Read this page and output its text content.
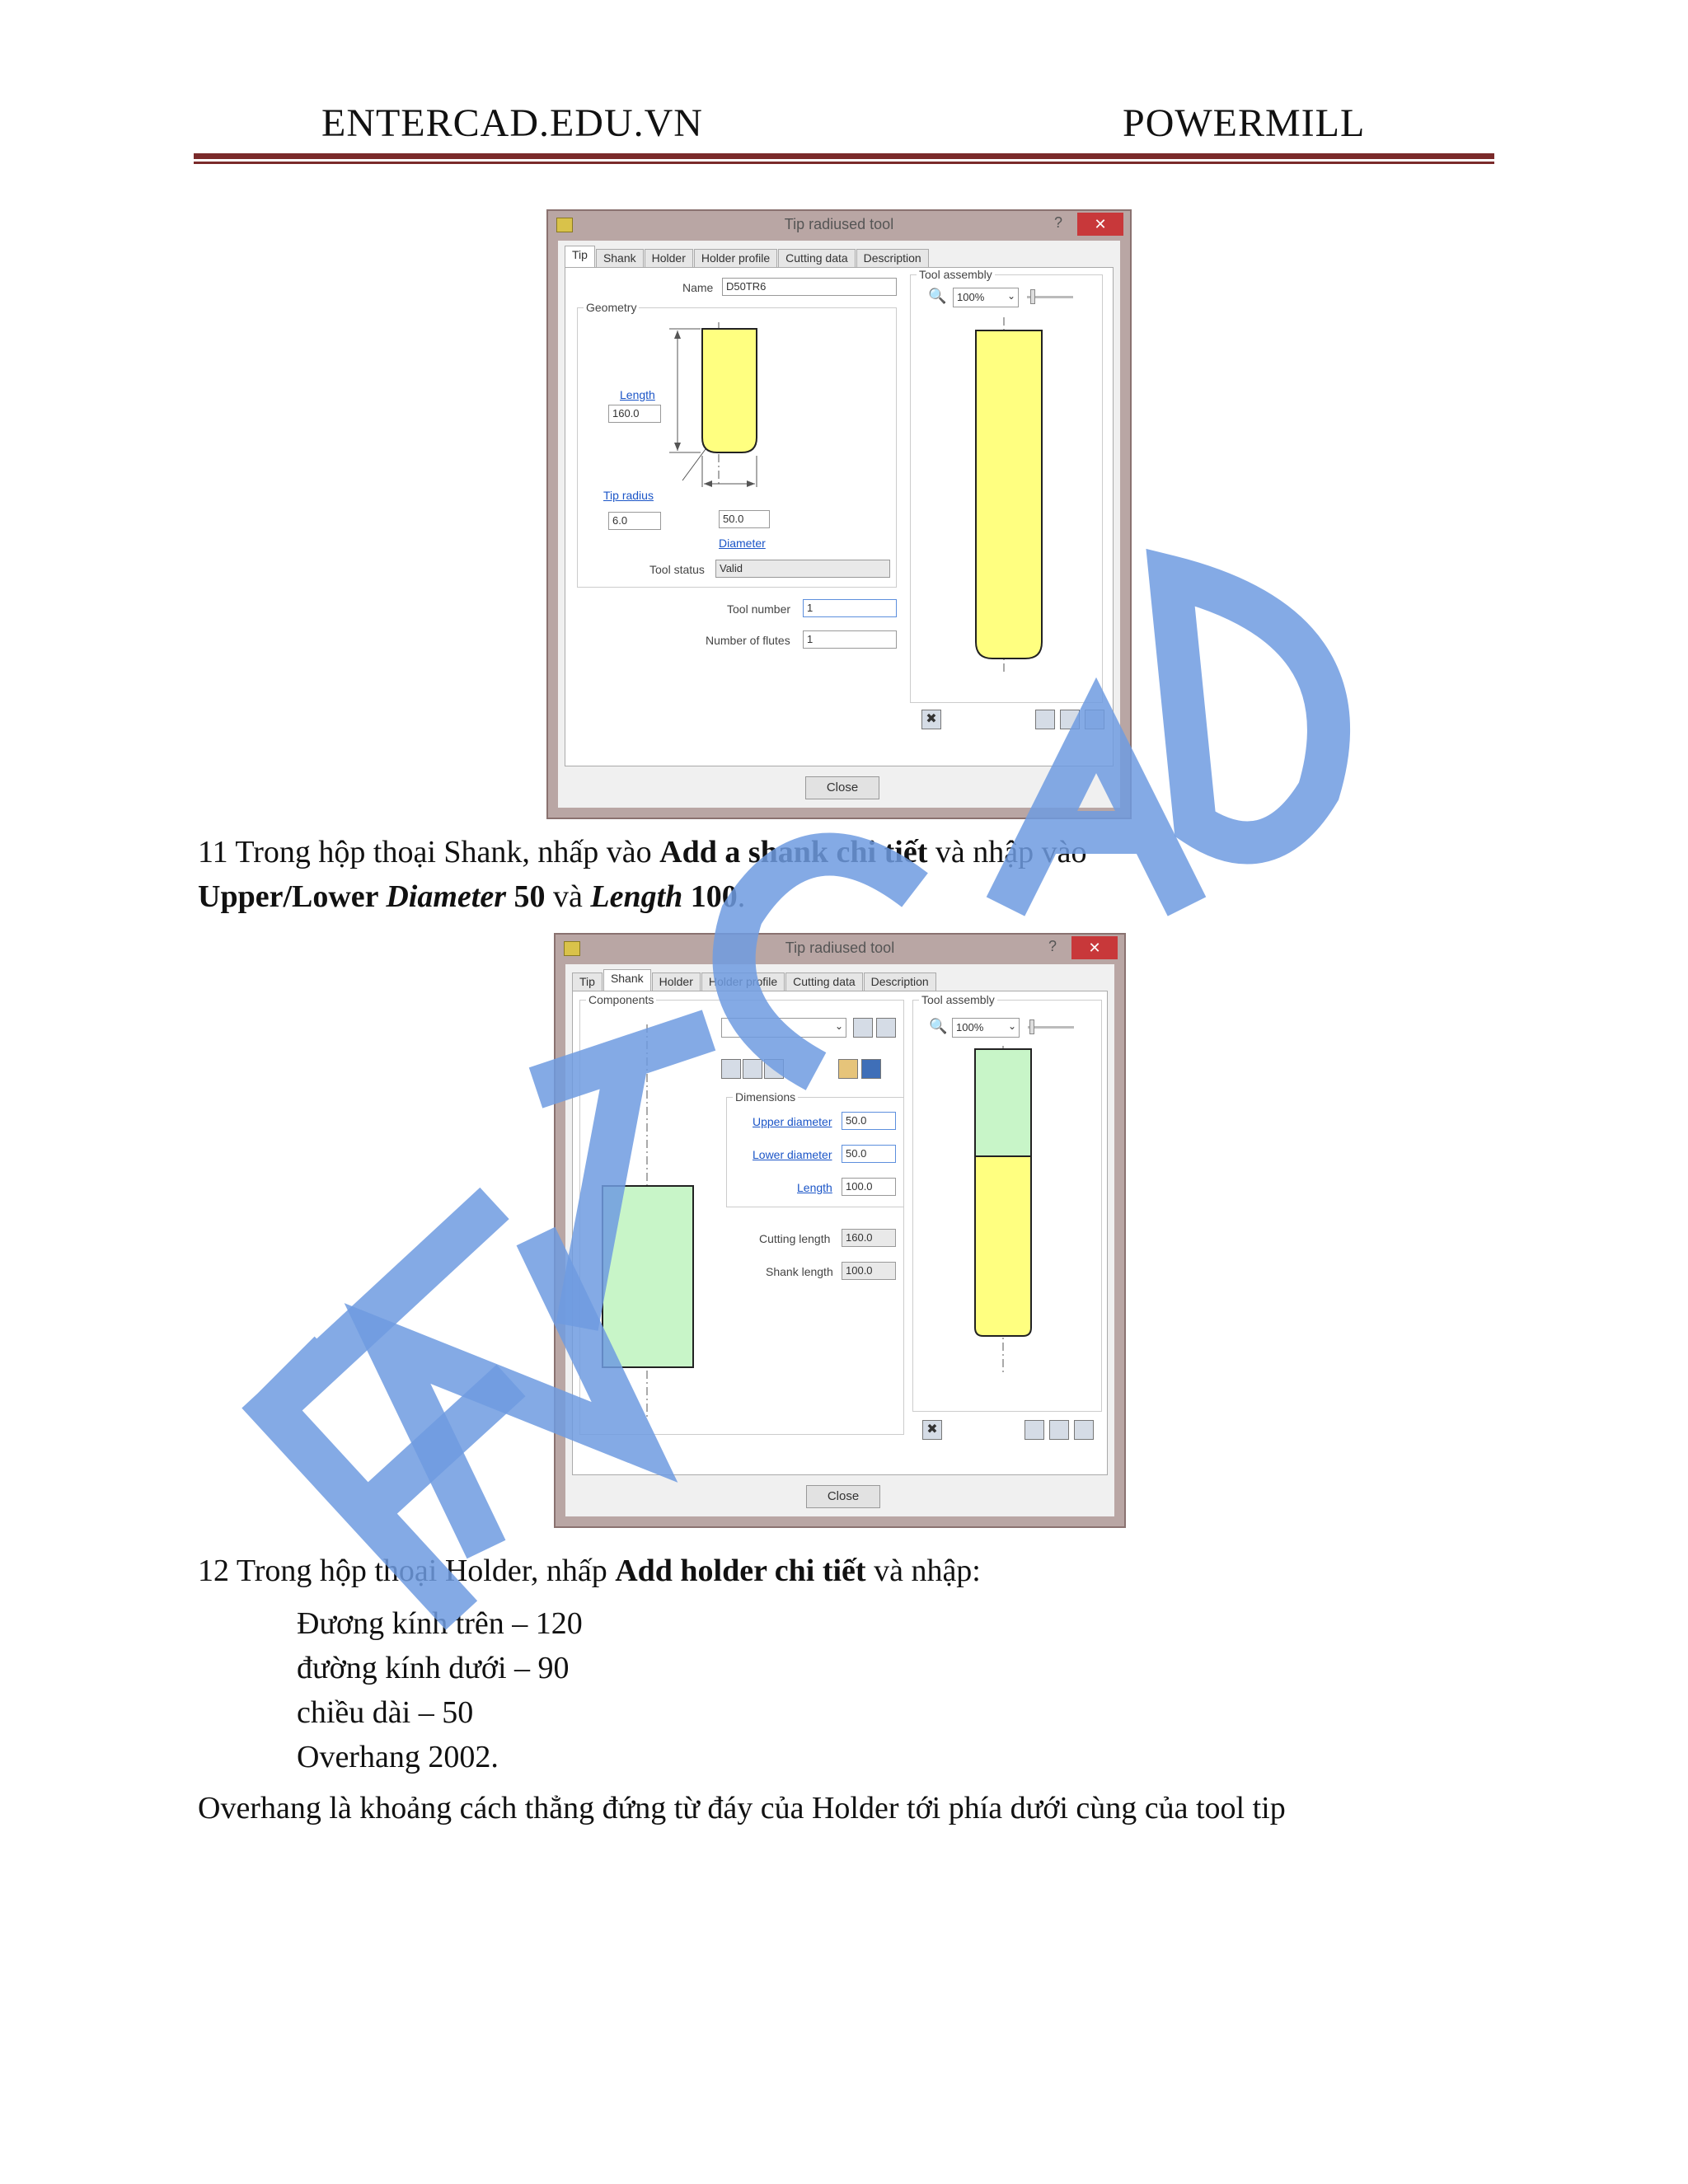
ENTERCAD.EDU.VN	POWERMILL
Tip radiused tool	?	✕
Tip	Shank	Holder	Holder profile	Cutting data	Description
Name	D50TR6
Geometry
Length
160.0
Tip radius
6.0	50.0
Diameter
Tool status	Valid
Tool number	1
Number of flutes	1
Tool assembly
🔍 100% ⌄
✖
Close
11 Trong hộp thoại Shank, nhấp vào Add a shank chi tiết và nhập vào
Upper/Lower Diameter 50 và Length 100.
Tip radiused tool	?	✕
Tip	Shank	Holder	Holder profile	Cutting data	Description
Components
⌄
Dimensions
Upper diameter	50.0
Lower diameter	50.0
Length	100.0
Cutting length	160.0
Shank length	100.0
Tool assembly
🔍 100% ⌄
✖
Close
12 Trong hộp thoại Holder, nhấp Add holder chi tiết và nhập:
Đương kính trên – 120
đường kính dưới – 90
chiều dài – 50
Overhang 2002.
Overhang là khoảng cách thẳng đứng từ đáy của Holder tới phía dưới cùng của tool tip
